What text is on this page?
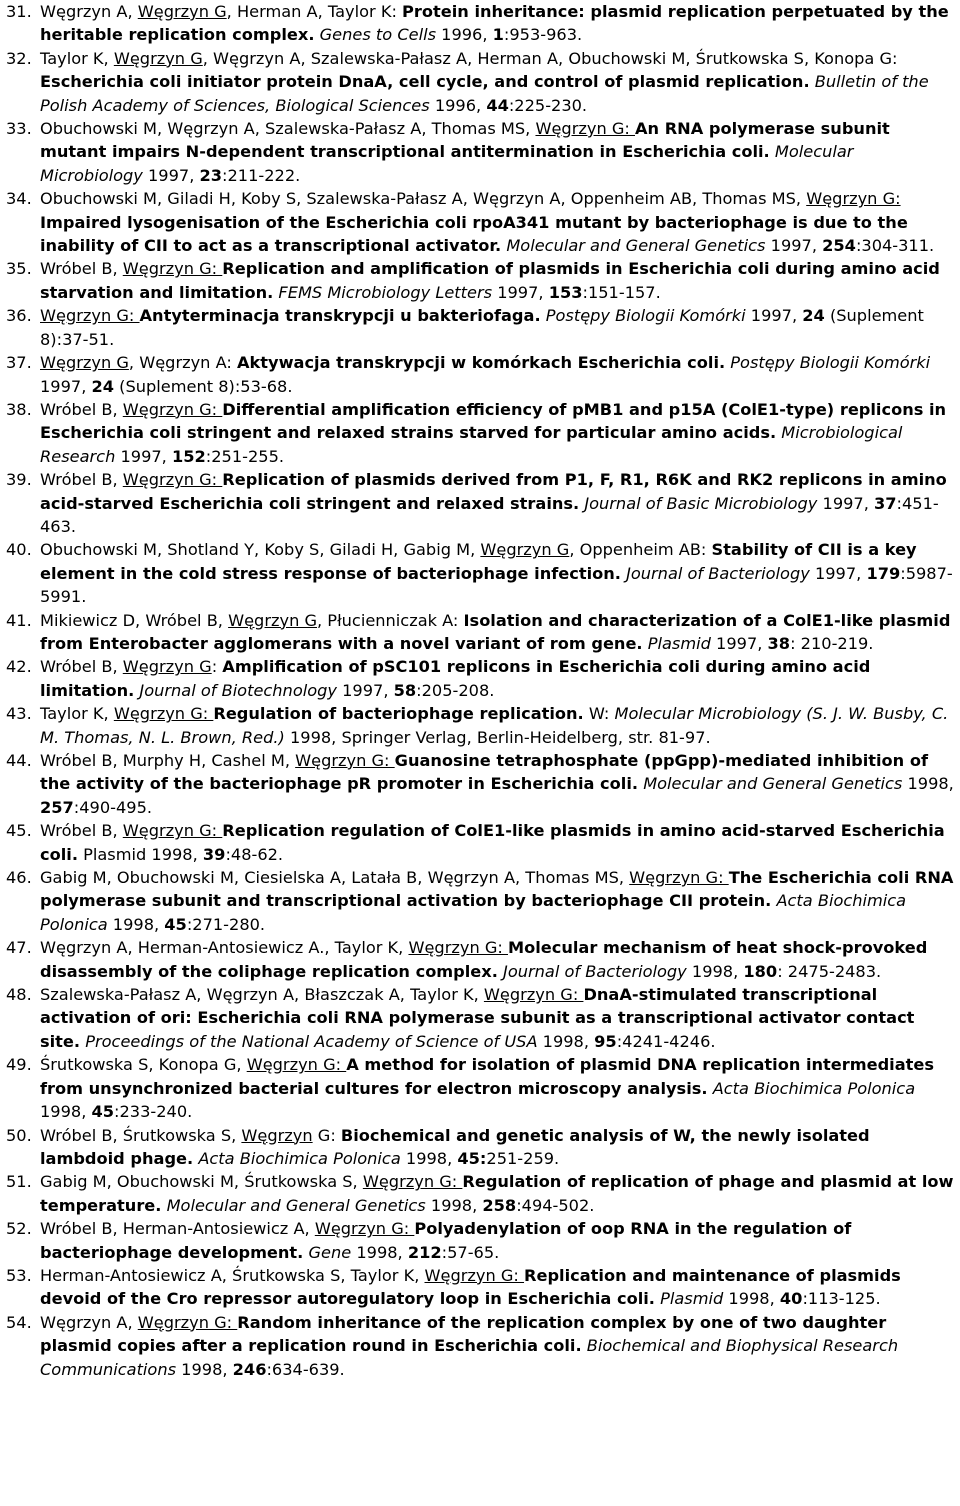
31. Węgrzyn A, Węgrzyn G, Herman A, Taylor K: Protein inheritance: plasmid replication perpetuated by the heritable replication complex. Genes to Cells 1996, 1:953-963.
32. Taylor K, Węgrzyn G, Węgrzyn A, Szalewska-Pałasz A, Herman A, Obuchowski M, Śrutkowska S, Konopa G: Escherichia coli initiator protein DnaA, cell cycle, and control of plasmid replication. Bulletin of the Polish Academy of Sciences, Biological Sciences 1996, 44:225-230.
33. Obuchowski M, Węgrzyn A, Szalewska-Pałasz A, Thomas MS, Węgrzyn G: An RNA polymerase subunit mutant impairs N-dependent transcriptional antitermination in Escherichia coli. Molecular Microbiology 1997, 23:211-222.
34. Obuchowski M, Giladi H, Koby S, Szalewska-Pałasz A, Węgrzyn A, Oppenheim AB, Thomas MS, Węgrzyn G: Impaired lysogenisation of the Escherichia coli rpoA341 mutant by bacteriophage is due to the inability of CII to act as a transcriptional activator. Molecular and General Genetics 1997, 254:304-311.
35. Wróbel B, Węgrzyn G: Replication and amplification of plasmids in Escherichia coli during amino acid starvation and limitation. FEMS Microbiology Letters 1997, 153:151-157.
36. Węgrzyn G: Antyterminacja transkrypcji u bakteriofaga. Postępy Biologii Komórki 1997, 24 (Suplement 8):37-51.
37. Węgrzyn G, Węgrzyn A: Aktywacja transkrypcji w komórkach Escherichia coli. Postępy Biologii Komórki 1997, 24 (Suplement 8):53-68.
38. Wróbel B, Węgrzyn G: Differential amplification efficiency of pMB1 and p15A (ColE1-type) replicons in Escherichia coli stringent and relaxed strains starved for particular amino acids. Microbiological Research 1997, 152:251-255.
39. Wróbel B, Węgrzyn G: Replication of plasmids derived from P1, F, R1, R6K and RK2 replicons in amino acid-starved Escherichia coli stringent and relaxed strains. Journal of Basic Microbiology 1997, 37:451-463.
40. Obuchowski M, Shotland Y, Koby S, Giladi H, Gabig M, Węgrzyn G, Oppenheim AB: Stability of CII is a key element in the cold stress response of bacteriophage infection. Journal of Bacteriology 1997, 179:5987-5991.
41. Mikiewicz D, Wróbel B, Węgrzyn G, Płucienniczak A: Isolation and characterization of a ColE1-like plasmid from Enterobacter agglomerans with a novel variant of rom gene. Plasmid 1997, 38: 210-219.
42. Wróbel B, Węgrzyn G: Amplification of pSC101 replicons in Escherichia coli during amino acid limitation. Journal of Biotechnology 1997, 58:205-208.
43. Taylor K, Węgrzyn G: Regulation of bacteriophage replication. W: Molecular Microbiology (S. J. W. Busby, C. M. Thomas, N. L. Brown, Red.) 1998, Springer Verlag, Berlin-Heidelberg, str. 81-97.
44. Wróbel B, Murphy H, Cashel M, Węgrzyn G: Guanosine tetraphosphate (ppGpp)-mediated inhibition of the activity of the bacteriophage pR promoter in Escherichia coli. Molecular and General Genetics 1998, 257:490-495.
45. Wróbel B, Węgrzyn G: Replication regulation of ColE1-like plasmids in amino acid-starved Escherichia coli. Plasmid 1998, 39:48-62.
46. Gabig M, Obuchowski M, Ciesielska A, Latała B, Węgrzyn A, Thomas MS, Węgrzyn G: The Escherichia coli RNA polymerase subunit and transcriptional activation by bacteriophage CII protein. Acta Biochimica Polonica 1998, 45:271-280.
47. Węgrzyn A, Herman-Antosiewicz A., Taylor K, Węgrzyn G: Molecular mechanism of heat shock-provoked disassembly of the coliphage replication complex. Journal of Bacteriology 1998, 180: 2475-2483.
48. Szalewska-Pałasz A, Węgrzyn A, Błaszczak A, Taylor K, Węgrzyn G: DnaA-stimulated transcriptional activation of ori: Escherichia coli RNA polymerase subunit as a transcriptional activator contact site. Proceedings of the National Academy of Science of USA 1998, 95:4241-4246.
49. Śrutkowska S, Konopa G, Węgrzyn G: A method for isolation of plasmid DNA replication intermediates from unsynchronized bacterial cultures for electron microscopy analysis. Acta Biochimica Polonica 1998, 45:233-240.
50. Wróbel B, Śrutkowska S, Węgrzyn G: Biochemical and genetic analysis of W, the newly isolated lambdoid phage. Acta Biochimica Polonica 1998, 45:251-259.
51. Gabig M, Obuchowski M, Śrutkowska S, Węgrzyn G: Regulation of replication of phage and plasmid at low temperature. Molecular and General Genetics 1998, 258:494-502.
52. Wróbel B, Herman-Antosiewicz A, Węgrzyn G: Polyadenylation of oop RNA in the regulation of bacteriophage development. Gene 1998, 212:57-65.
53. Herman-Antosiewicz A, Śrutkowska S, Taylor K, Węgrzyn G: Replication and maintenance of plasmids devoid of the Cro repressor autoregulatory loop in Escherichia coli. Plasmid 1998, 40:113-125.
54. Węgrzyn A, Węgrzyn G: Random inheritance of the replication complex by one of two daughter plasmid copies after a replication round in Escherichia coli. Biochemical and Biophysical Research Communications 1998, 246:634-639.
